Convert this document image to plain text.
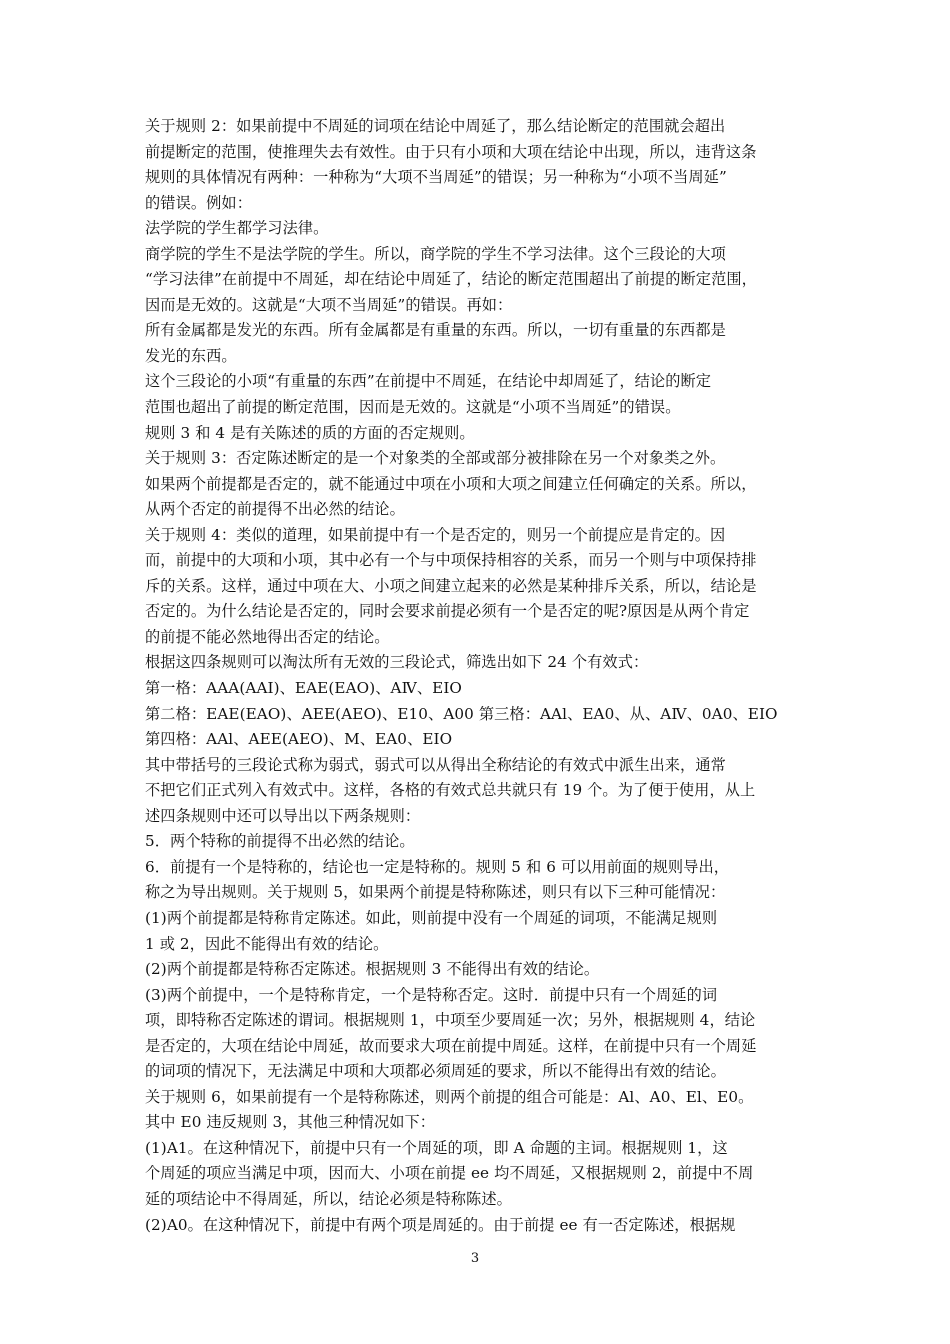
关于规则 2：如果前提中不周延的词项在结论中周延了，那么结论断定的范围就会超出
前提断定的范围，使推理失去有效性。由于只有小项和大项在结论中出现，所以，违背这条
规则的具体情况有两种：一种称为“大项不当周延”的错误；另一种称为“小项不当周延”
的错误。例如：
法学院的学生都学习法律。
商学院的学生不是法学院的学生。所以，商学院的学生不学习法律。这个三段论的大项
“学习法律”在前提中不周延，却在结论中周延了，结论的断定范围超出了前提的断定范围，
因而是无效的。这就是“大项不当周延”的错误。再如：
所有金属都是发光的东西。所有金属都是有重量的东西。所以，一切有重量的东西都是
发光的东西。
这个三段论的小项“有重量的东西”在前提中不周延，在结论中却周延了，结论的断定
范围也超出了前提的断定范围，因而是无效的。这就是“小项不当周延”的错误。
规则 3 和 4 是有关陈述的质的方面的否定规则。
关于规则 3：否定陈述断定的是一个对象类的全部或部分被排除在另一个对象类之外。
如果两个前提都是否定的，就不能通过中项在小项和大项之间建立任何确定的关系。所以，
从两个否定的前提得不出必然的结论。
关于规则 4：类似的道理，如果前提中有一个是否定的，则另一个前提应是肯定的。因
而，前提中的大项和小项，其中必有一个与中项保持相容的关系，而另一个则与中项保持排
斥的关系。这样，通过中项在大、小项之间建立起来的必然是某种排斥关系，所以，结论是
否定的。为什么结论是否定的，同时会要求前提必须有一个是否定的呢?原因是从两个肯定
的前提不能必然地得出否定的结论。
根据这四条规则可以淘汰所有无效的三段论式，筛选出如下 24 个有效式：
第一格：AAA(AAI)、EAE(EAO)、AⅣ、EIO
第二格：EAE(EAO)、AEE(AEO)、E10、A00 第三格：AAl、EA0、从、AⅣ、0A0、EIO
第四格：AAl、AEE(AEO)、M、EA0、EIO
其中带括号的三段论式称为弱式，弱式可以从得出全称结论的有效式中派生出来，通常
不把它们正式列入有效式中。这样，各格的有效式总共就只有 19 个。为了便于使用，从上
述四条规则中还可以导出以下两条规则：
5．两个特称的前提得不出必然的结论。
6．前提有一个是特称的，结论也一定是特称的。规则 5 和 6 可以用前面的规则导出，
称之为导出规则。关于规则 5，如果两个前提是特称陈述，则只有以下三种可能情况：
(1)两个前提都是特称肯定陈述。如此，则前提中没有一个周延的词项，不能满足规则
1 或 2，因此不能得出有效的结论。
(2)两个前提都是特称否定陈述。根据规则 3 不能得出有效的结论。
(3)两个前提中，一个是特称肯定，一个是特称否定。这时．前提中只有一个周延的词
项，即特称否定陈述的谓词。根据规则 1，中项至少要周延一次；另外，根据规则 4，结论
是否定的，大项在结论中周延，故而要求大项在前提中周延。这样，在前提中只有一个周延
的词项的情况下，无法满足中项和大项都必须周延的要求，所以不能得出有效的结论。
关于规则 6，如果前提有一个是特称陈述，则两个前提的组合可能是：Al、A0、El、E0。
其中 E0 违反规则 3，其他三种情况如下：
(1)A1。在这种情况下，前提中只有一个周延的项，即 A 命题的主词。根据规则 1，这
个周延的项应当满足中项，因而大、小项在前提 ee 均不周延，又根据规则 2，前提中不周
延的项结论中不得周延，所以，结论必须是特称陈述。
(2)A0。在这种情况下，前提中有两个项是周延的。由于前提 ee 有一否定陈述，根据规
3
